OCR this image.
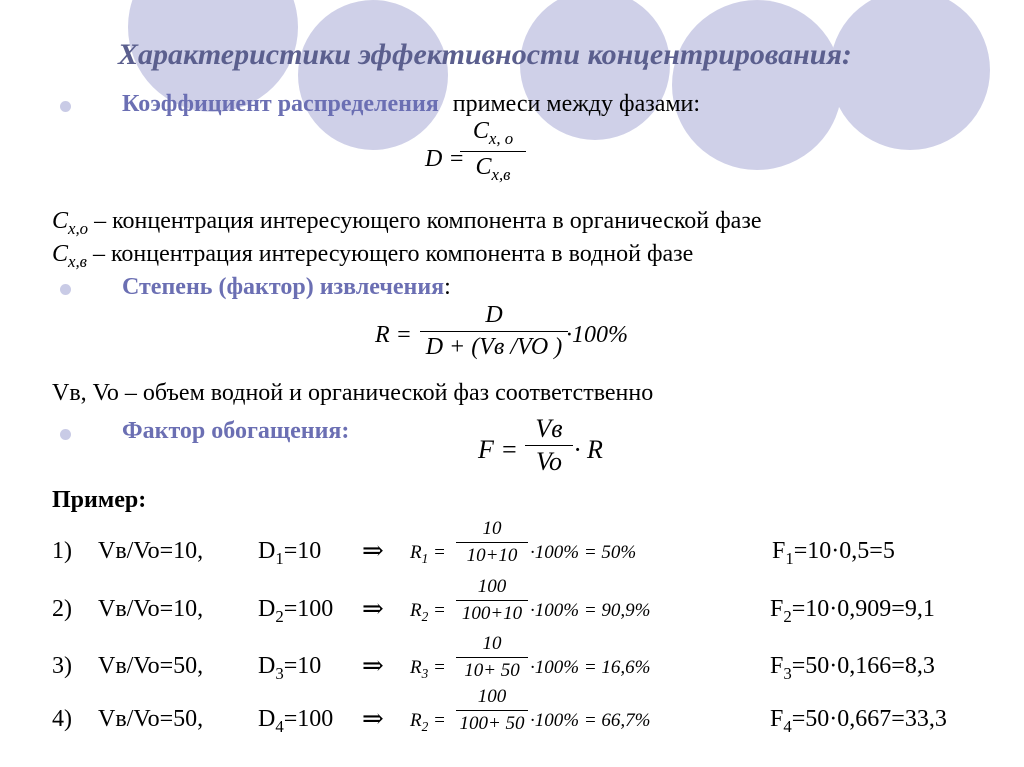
Характеристики эффективности концентрирования:
Коэффициент распределения примеси между фазами:
D =
$C_{x, o}$
$C_{x,в}$
$C_{x,o}$ – концентрация интересующего компонента в органической фазе
$C_{x,в}$ – концентрация интересующего компонента в водной фазе
Степень (фактор) извлечения:
R =
D
D + (Vв /VO ) ·100%
Vв, Vo – объем водной и органической фаз соответственно
Фактор обогащения:
F =
Vв
Vo · R
Пример:
1) Vв/Vo=10, $D_1=10$ ⇒ $R_1$ =
10
10+10 ·100% = 50%	$F_1=10\cdot 0,5=5$
2) Vв/Vo=10, $D_2=100$ ⇒ $R_2$ =
100
100+10 ·100% = 90,9%	$F_2=10\cdot 0,909=9,1$
3) Vв/Vo=50, $D_3=10$ ⇒ $R_3$ =
10
10+ 50 ·100% = 16,6%	$F_3=50\cdot 0,166=8,3$
4) Vв/Vo=50, $D_4=100$ ⇒ $R_2$ =
100
100+ 50 ·100% = 66,7%	$F_4=50\cdot 0,667=33,3$
